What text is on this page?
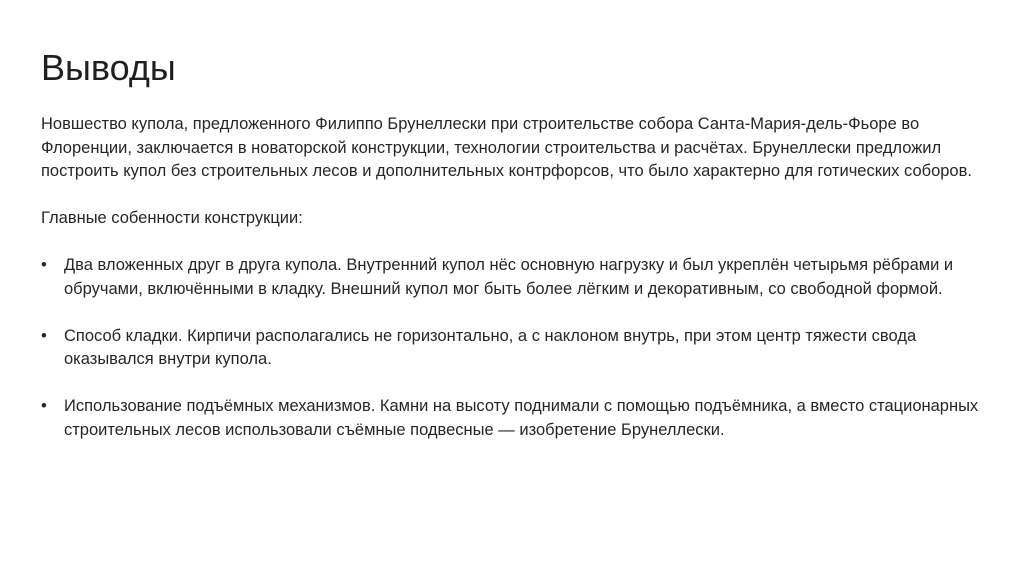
Выводы

Новшество купола, предложенного Филиппо Брунеллески при строительстве собора Санта-Мария-дель-Фьоре во Флоренции, заключается в новаторской конструкции, технологии строительства и расчётах. Брунеллески предложил построить купол без строительных лесов и дополнительных контрфорсов, что было характерно для готических соборов.

Главные собенности конструкции:

• Два вложенных друг в друга купола. Внутренний купол нёс основную нагрузку и был укреплён четырьмя рёбрами и обручами, включёнными в кладку. Внешний купол мог быть более лёгким и декоративным, со свободной формой.
• Способ кладки. Кирпичи располагались не горизонтально, а с наклоном внутрь, при этом центр тяжести свода оказывался внутри купола.
• Использование подъёмных механизмов. Камни на высоту поднимали с помощью подъёмника, а вместо стационарных строительных лесов использовали съёмные подвесные — изобретение Брунеллески.
